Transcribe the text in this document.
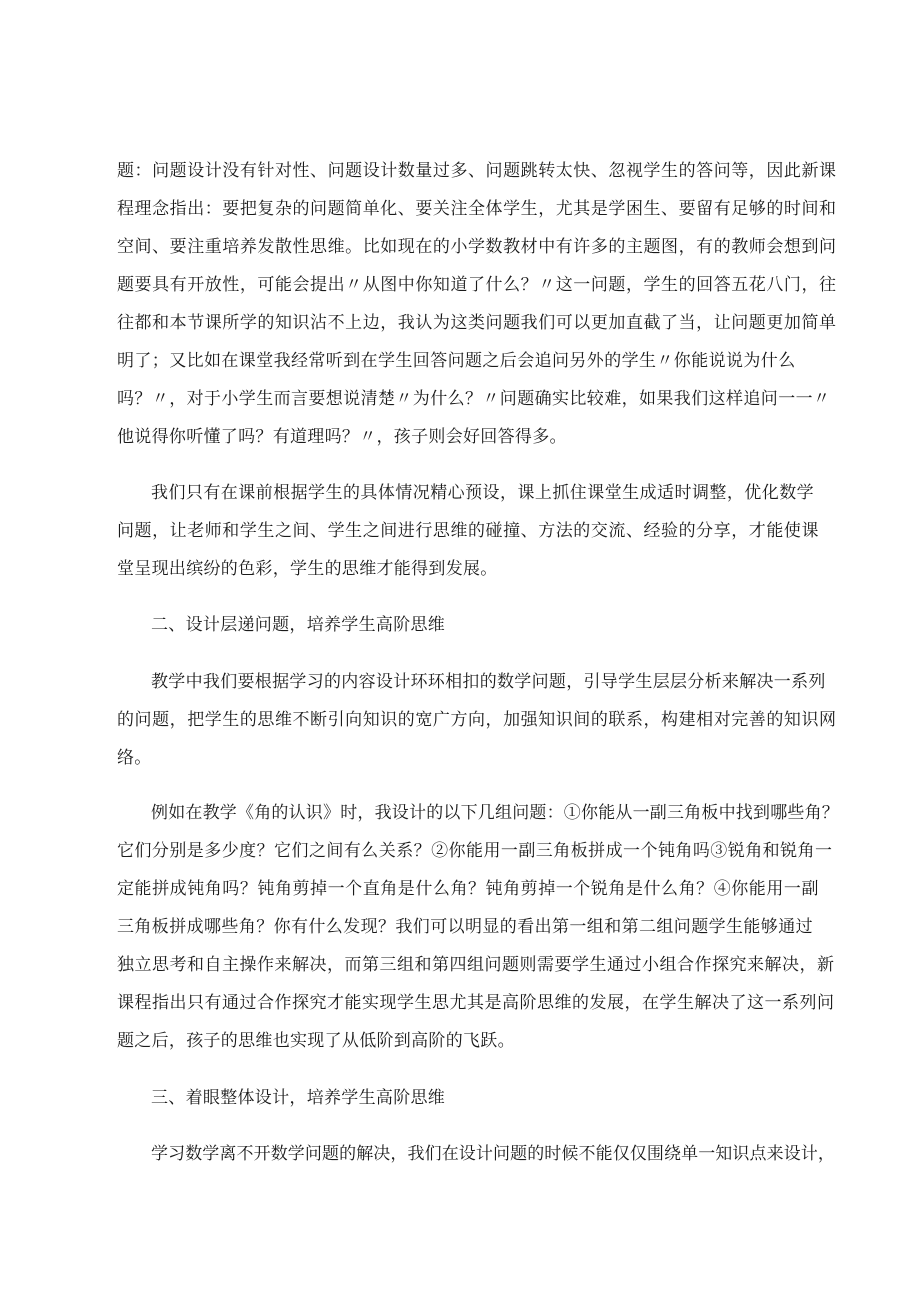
题：问题设计没有针对性、问题设计数量过多、问题跳转太快、忽视学生的答问等，因此新课
程理念指出：要把复杂的问题简单化、要关注全体学生，尤其是学困生、要留有足够的时间和
空间、要注重培养发散性思维。比如现在的小学数教材中有许多的主题图，有的教师会想到问
题要具有开放性，可能会提出〃从图中你知道了什么？〃这一问题，学生的回答五花八门，往
往都和本节课所学的知识沾不上边，我认为这类问题我们可以更加直截了当，让问题更加简单
明了；又比如在课堂我经常听到在学生回答问题之后会追问另外的学生〃你能说说为什么
吗？〃，对于小学生而言要想说清楚〃为什么？〃问题确实比较难，如果我们这样追问一一〃
他说得你听懂了吗？有道理吗？〃，孩子则会好回答得多。
我们只有在课前根据学生的具体情况精心预设，课上抓住课堂生成适时调整，优化数学
问题，让老师和学生之间、学生之间进行思维的碰撞、方法的交流、经验的分享，才能使课
堂呈现出缤纷的色彩，学生的思维才能得到发展。
二、设计层递问题，培养学生高阶思维
教学中我们要根据学习的内容设计环环相扣的数学问题，引导学生层层分析来解决一系列
的问题，把学生的思维不断引向知识的宽广方向，加强知识间的联系，构建相对完善的知识网
络。
例如在教学《角的认识》时，我设计的以下几组问题：①你能从一副三角板中找到哪些角？
它们分别是多少度？它们之间有么关系？②你能用一副三角板拼成一个钝角吗③锐角和锐角一
定能拼成钝角吗？钝角剪掉一个直角是什么角？钝角剪掉一个锐角是什么角？④你能用一副
三角板拼成哪些角？你有什么发现？我们可以明显的看出第一组和第二组问题学生能够通过
独立思考和自主操作来解决，而第三组和第四组问题则需要学生通过小组合作探究来解决，新
课程指出只有通过合作探究才能实现学生思尤其是高阶思维的发展，在学生解决了这一系列问
题之后，孩子的思维也实现了从低阶到高阶的飞跃。
三、着眼整体设计，培养学生高阶思维
学习数学离不开数学问题的解决，我们在设计问题的时候不能仅仅围绕单一知识点来设计，
